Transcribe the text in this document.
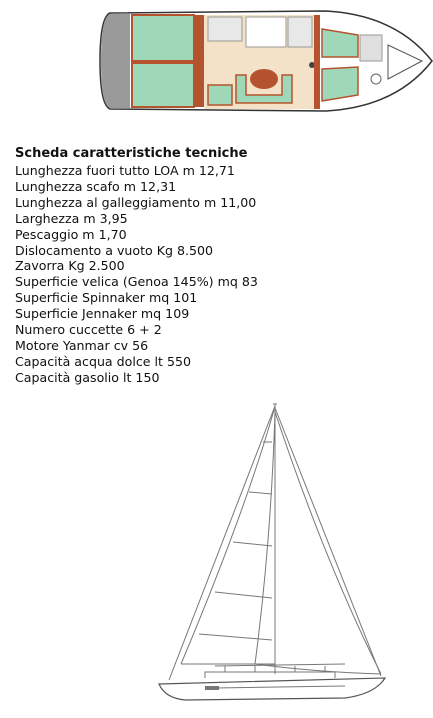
Scheda caratteristiche tecniche
Lunghezza fuori tutto LOA m 12,71
Lunghezza scafo m 12,31
Lunghezza al galleggiamento m 11,00
Larghezza m 3,95
Pescaggio m 1,70
Dislocamento a vuoto Kg 8.500
Zavorra Kg 2.500
Superficie velica (Genoa 145%) mq 83
Superficie Spinnaker mq 101
Superficie Jennaker mq 109
Numero cuccette 6 + 2
Motore Yanmar cv 56
Capacità acqua dolce lt 550
Capacità gasolio lt 150
